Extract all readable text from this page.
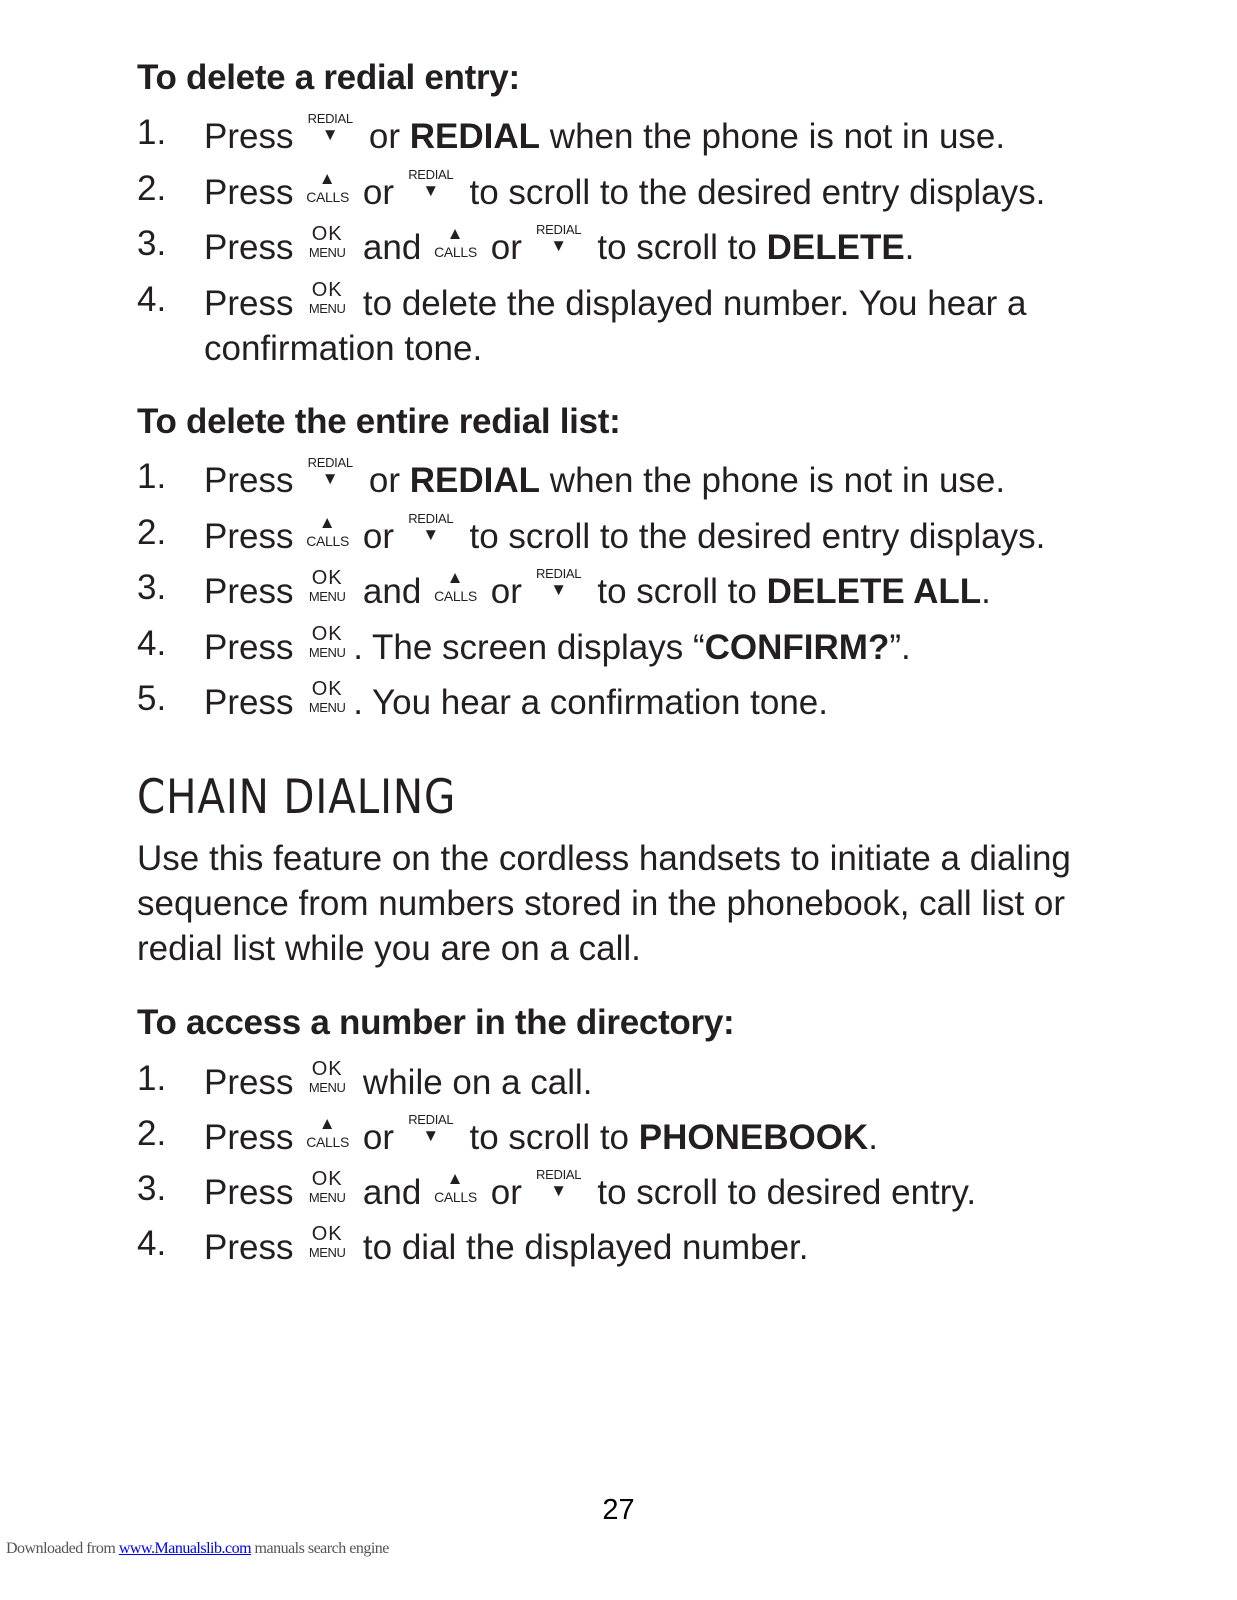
To delete a redial entry:
1. Press REDIAL
▼ or REDIAL when the phone is not in use.
2. Press ▲
CALLS or REDIAL
▼ to scroll to the desired entry displays.
3. Press OK
MENU and ▲
CALLS or REDIAL
▼ to scroll to DELETE.
4. Press OK
MENU to delete the displayed number. You hear a confirmation tone.
To delete the entire redial list:
1. Press REDIAL
▼ or REDIAL when the phone is not in use.
2. Press ▲
CALLS or REDIAL
▼ to scroll to the desired entry displays.
3. Press OK
MENU and ▲
CALLS or REDIAL
▼ to scroll to DELETE ALL.
4. Press OK
MENU . The screen displays “CONFIRM?”.
5. Press OK
MENU . You hear a confirmation tone.
CHAIN DIALING

Use this feature on the cordless handsets to initiate a dialing sequence from numbers stored in the phonebook, call list or redial list while you are on a call.

To access a number in the directory:
1. Press OK
MENU while on a call.
2. Press ▲
CALLS or REDIAL
▼ to scroll to PHONEBOOK.
3. Press OK
MENU and ▲
CALLS or REDIAL
▼ to scroll to desired entry.
4. Press OK
MENU to dial the displayed number.
27
Downloaded from www.Manualslib.com manuals search engine
